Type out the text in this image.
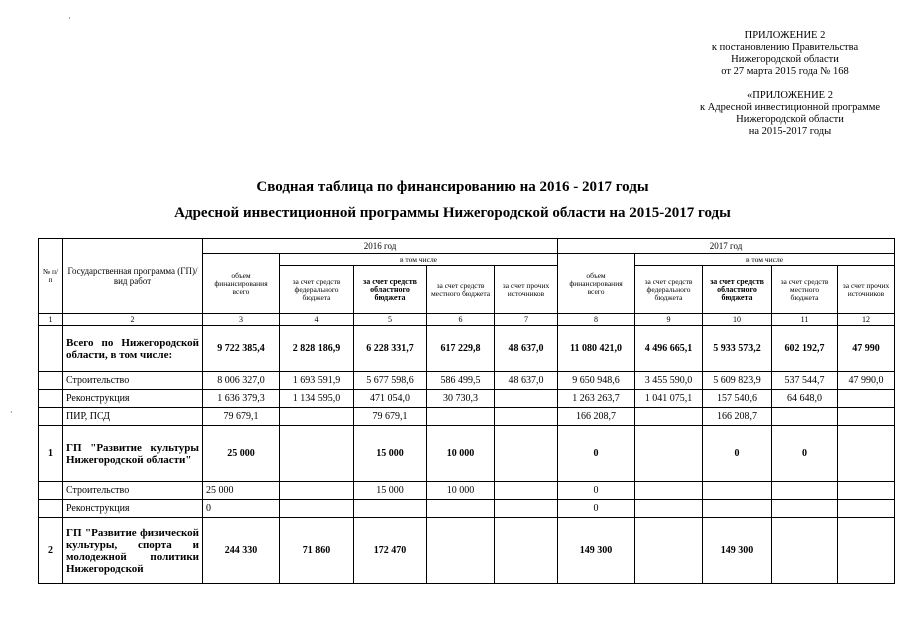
ПРИЛОЖЕНИЕ 2
к постановлению Правительства
Нижегородской области
от 27 марта 2015 года № 168
«ПРИЛОЖЕНИЕ 2
к Адресной инвестиционной программе
Нижегородской области
на 2015-2017 годы
Сводная таблица по финансированию на 2016 - 2017 годы
Адресной инвестиционной программы Нижегородской области на 2015-2017 годы
·
·
№ п/п	Государственная программа (ГП)/ вид работ	2016 год					2017 год				
		объем финансирования всего	в том числе				объем финансирования всего	в том числе			
			за счет средств федерального бюджета	за счет средств областного бюджета	за счет средств местного бюджета	за счет прочих источников		за счет средств федерального бюджета	за счет средств областного бюджета	за счет средств местного бюджета	за счет прочих источников
1	2	3	4	5	6	7	8	9	10	11	12
	Всего по Нижегородской области, в том числе:	9 722 385,4	2 828 186,9	6 228 331,7	617 229,8	48 637,0	11 080 421,0	4 496 665,1	5 933 573,2	602 192,7	47 990
	Строительство	8 006 327,0	1 693 591,9	5 677 598,6	586 499,5	48 637,0	9 650 948,6	3 455 590,0	5 609 823,9	537 544,7	47 990,0
	Реконструкция	1 636 379,3	1 134 595,0	471 054,0	30 730,3		1 263 263,7	1 041 075,1	157 540,6	64 648,0	
	ПИР, ПСД	79 679,1		79 679,1			166 208,7		166 208,7		
1	ГП "Развитие культуры Нижегородской области"	25 000		15 000	10 000		0		0	0	
	Строительство	25 000		15 000	10 000		0				
	Реконструкция	0					0				
2	ГП "Развитие физической культуры, спорта и молодежной политики Нижегородской	244 330	71 860	172 470			149 300		149 300		
